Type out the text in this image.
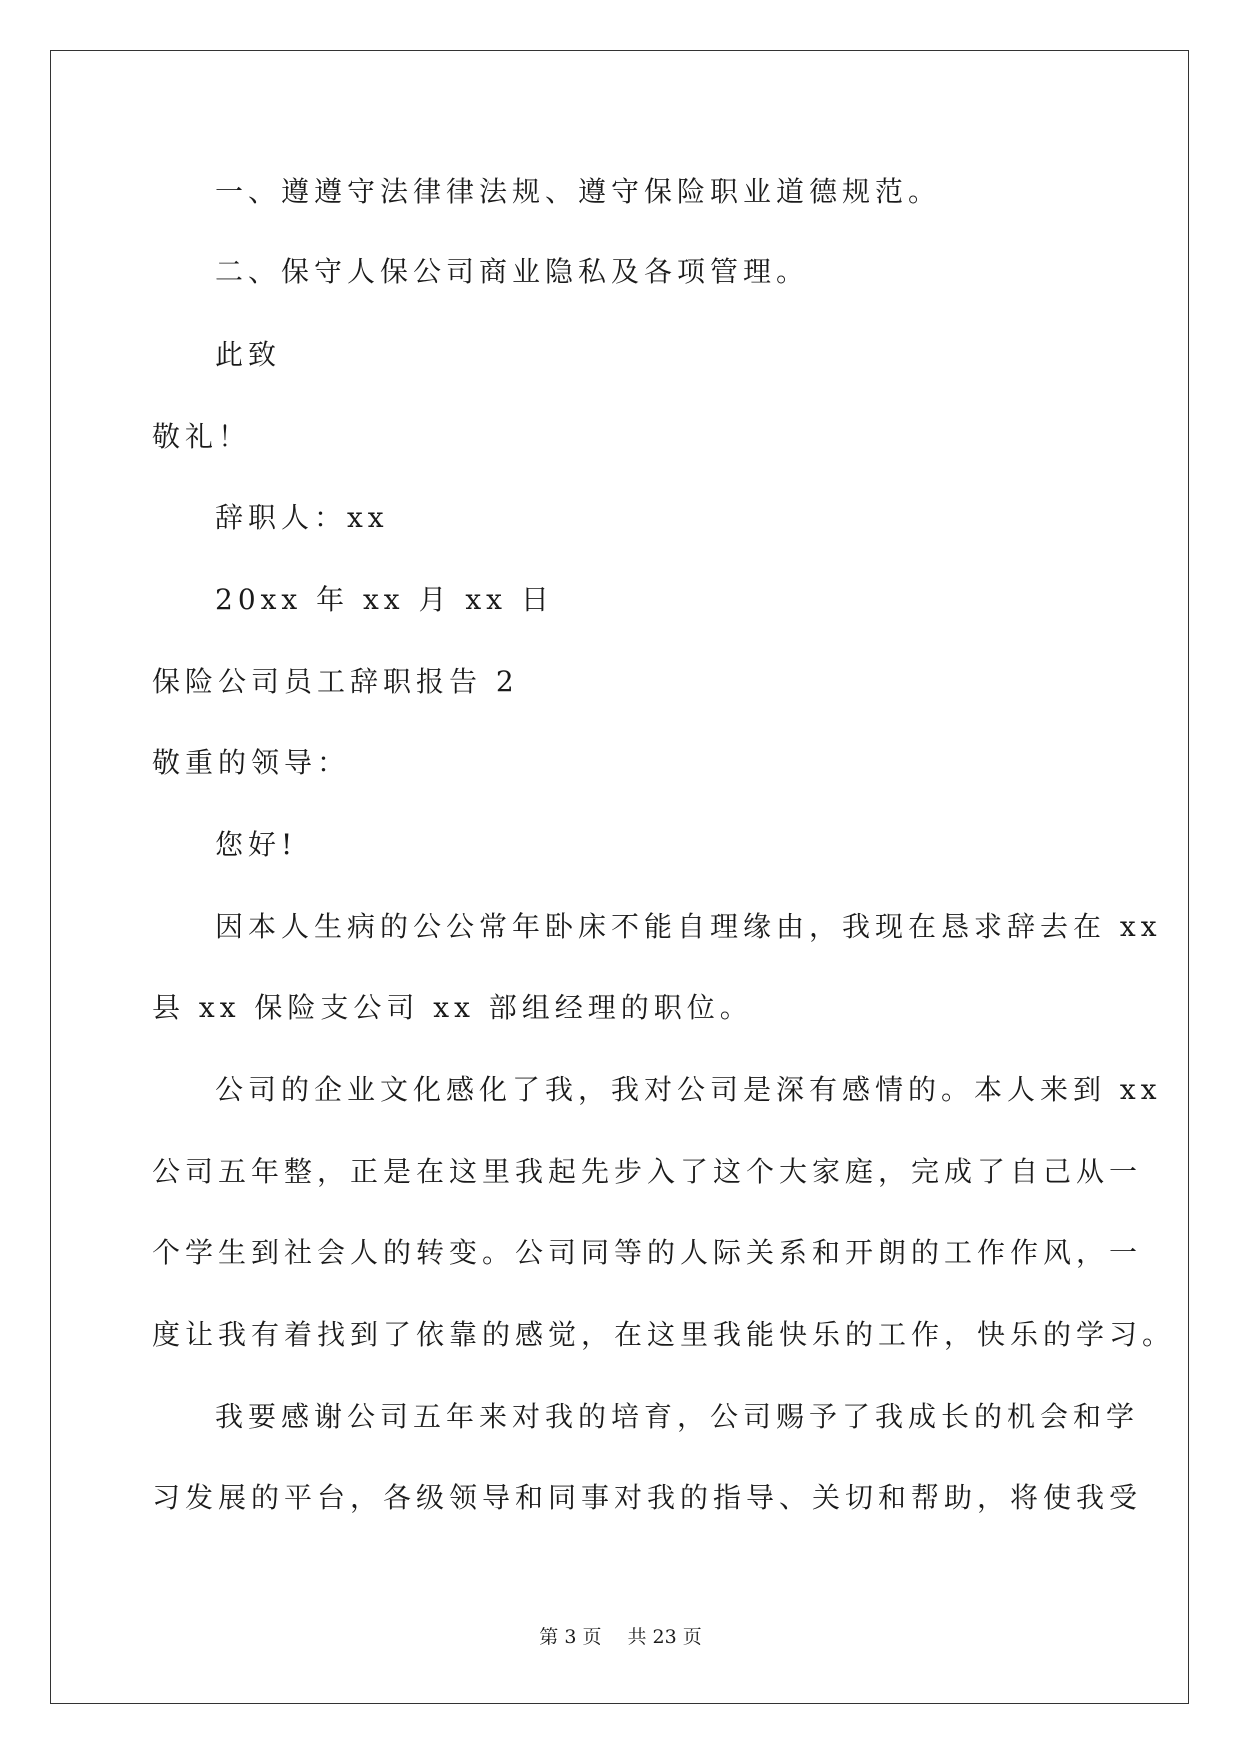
一、遵遵守法律律法规、遵守保险职业道德规范。
二、保守人保公司商业隐私及各项管理。
此致
敬礼！
辞职人：xx
20xx 年 xx 月 xx 日
保险公司员工辞职报告 2
敬重的领导：
您好!
因本人生病的公公常年卧床不能自理缘由，我现在恳求辞去在 xx
县 xx 保险支公司 xx 部组经理的职位。
公司的企业文化感化了我，我对公司是深有感情的。本人来到 xx
公司五年整，正是在这里我起先步入了这个大家庭，完成了自己从一
个学生到社会人的转变。公司同等的人际关系和开朗的工作作风，一
度让我有着找到了依靠的感觉，在这里我能快乐的工作，快乐的学习。
我要感谢公司五年来对我的培育，公司赐予了我成长的机会和学
习发展的平台，各级领导和同事对我的指导、关切和帮助，将使我受
第 3 页 共 23 页
